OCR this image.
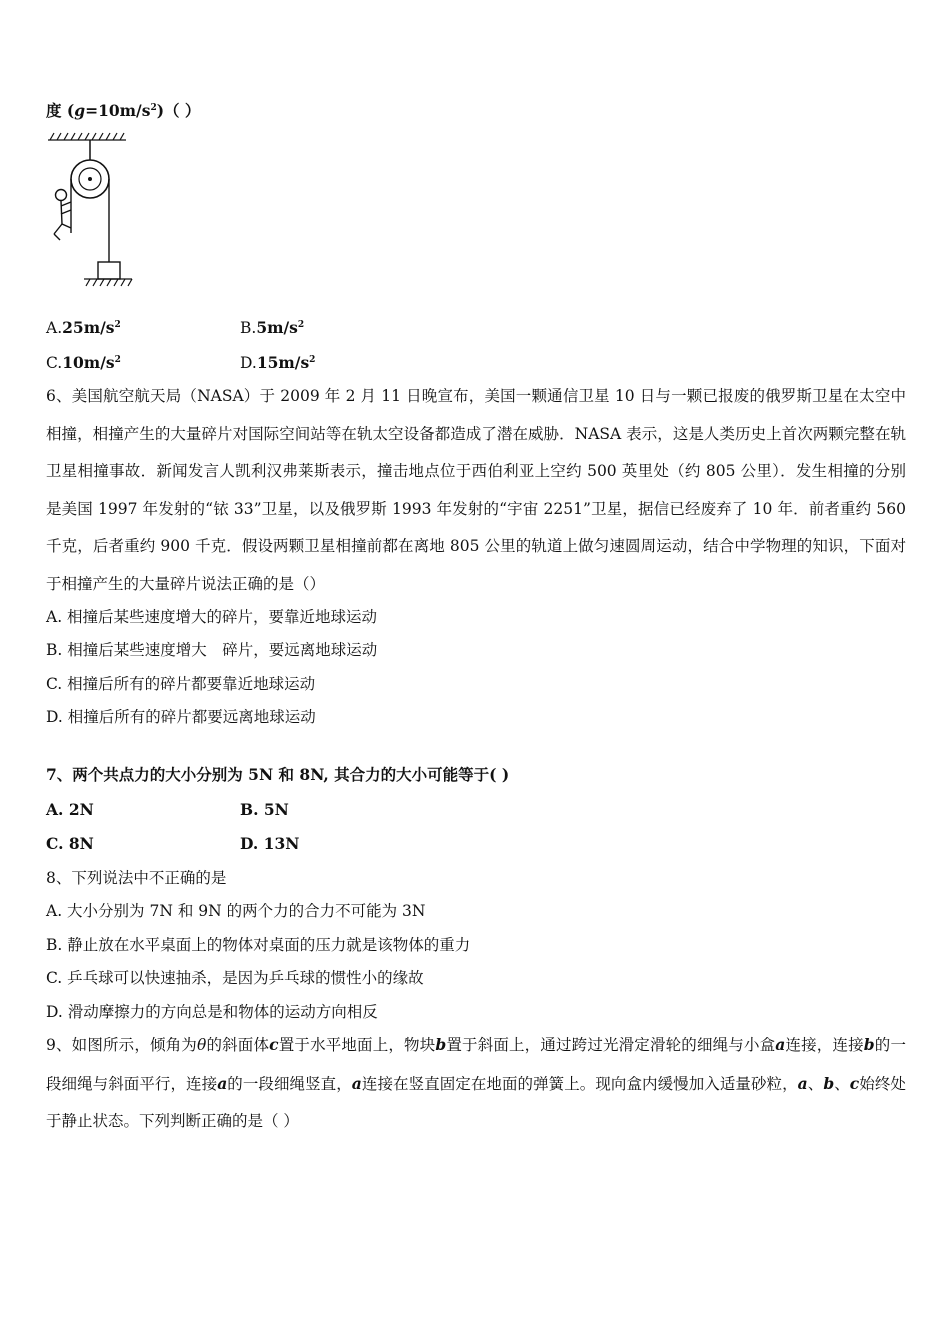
度 $(g=10m/s^2)$（ ）
$A.25m/s^2$	$B.5m/s^2$
$C.10m/s^2$	$D.15m/s^2$
6、美国航空航天局（NASA）于 2009 年 2 月 11 日晚宣布，美国一颗通信卫星 10 日与一颗已报废的俄罗斯卫星在太空中相撞，相撞产生的大量碎片对国际空间站等在轨太空设备都造成了潜在威胁．NASA 表示，这是人类历史上首次两颗完整在轨卫星相撞事故．新闻发言人凯利汉弗莱斯表示，撞击地点位于西伯利亚上空约 500 英里处（约 805 公里）．发生相撞的分别是美国 1997 年发射的“铱 33”卫星，以及俄罗斯 1993 年发射的“宇宙 2251”卫星，据信已经废弃了 10 年．前者重约 560 千克，后者重约 900 千克．假设两颗卫星相撞前都在离地 805 公里的轨道上做匀速圆周运动，结合中学物理的知识，下面对于相撞产生的大量碎片说法正确的是（）
A. 相撞后某些速度增大的碎片，要靠近地球运动
B. 相撞后某些速度增大　碎片，要远离地球运动
C. 相撞后所有的碎片都要靠近地球运动
D. 相撞后所有的碎片都要远离地球运动
7、两个共点力的大小分别为 5N 和 8N, 其合力的大小可能等于( )
A. 2N	B. 5N
C. 8N	D. 13N
8、下列说法中不正确的是
A. 大小分别为 7N 和 9N 的两个力的合力不可能为 3N
B. 静止放在水平桌面上的物体对桌面的压力就是该物体的重力
C. 乒乓球可以快速抽杀，是因为乒乓球的惯性小的缘故
D. 滑动摩擦力的方向总是和物体的运动方向相反
9、如图所示，倾角为θ的斜面体c置于水平地面上，物块b置于斜面上，通过跨过光滑定滑轮的细绳与小盒a连接，连接b的一段细绳与斜面平行，连接a的一段细绳竖直，a连接在竖直固定在地面的弹簧上。现向盒内缓慢加入适量砂粒，a、b、c始终处于静止状态。下列判断正确的是（ ）
